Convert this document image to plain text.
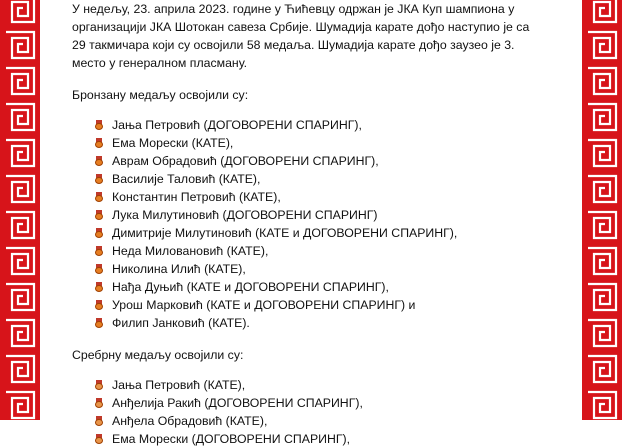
У недељу, 23. априла 2023. године у Ћићевцу одржан је ЈКА Куп шампиона у организацији ЈКА Шотокан савеза Србије. Шумадија карате дођо наступио је са 29 такмичара који су освојили 58 медаља. Шумадија карате дођо заузео је 3. место у генералном пласману.

Бронзану медаљу освојили су:

Јања Петровић (ДОГОВОРЕНИ СПАРИНГ),
Ема Морески (КАТЕ),
Аврам Обрадовић (ДОГОВОРЕНИ СПАРИНГ),
Василије Таловић (КАТЕ),
Константин Петровић (КАТЕ),
Лука Милутиновић (ДОГОВОРЕНИ СПАРИНГ)
Димитрије Милутиновић (КАТЕ и ДОГОВОРЕНИ СПАРИНГ),
Неда Миловановић (КАТЕ),
Николина Илић (КАТЕ),
Нађа Дуњић (КАТЕ и ДОГОВОРЕНИ СПАРИНГ),
Урош Марковић (КАТЕ и ДОГОВОРЕНИ СПАРИНГ) и
Филип Јанковић (КАТЕ).

Сребрну медаљу освојили су:

Јања Петровић (КАТЕ),
Анђелија Ракић (ДОГОВОРЕНИ СПАРИНГ),
Анђела Обрадовић (КАТЕ),
Ема Морески (ДОГОВОРЕНИ СПАРИНГ),
